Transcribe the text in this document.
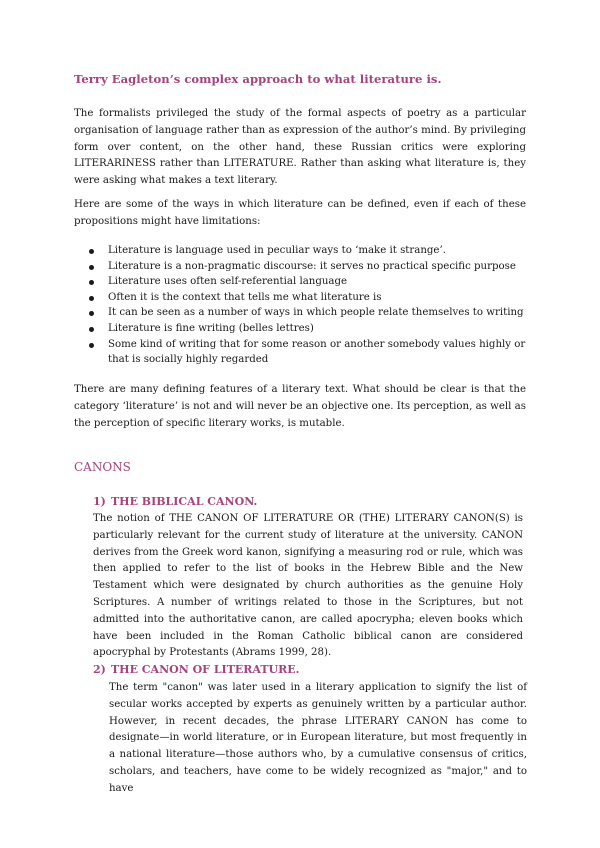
Terry Eagleton’s complex approach to what literature is.

The formalists privileged the study of the formal aspects of poetry as a particular organisation of language rather than as expression of the author’s mind. By privileging form over content, on the other hand, these Russian critics were exploring LITERARINESS rather than LITERATURE. Rather than asking what literature is, they were asking what makes a text literary.

Here are some of the ways in which literature can be defined, even if each of these propositions might have limitations:

Literature is language used in peculiar ways to ‘make it strange’.
Literature is a non-pragmatic discourse: it serves no practical specific purpose
Literature uses often self-referential language
Often it is the context that tells me what literature is
It can be seen as a number of ways in which people relate themselves to writing
Literature is fine writing (belles lettres)
Some kind of writing that for some reason or another somebody values highly or that is socially highly regarded

There are many defining features of a literary text. What should be clear is that the category ‘literature’ is not and will never be an objective one. Its perception, as well as the perception of specific literary works, is mutable.

CANONS
1) THE BIBLICAL CANON.

The notion of THE CANON OF LITERATURE OR (THE) LITERARY CANON(S) is particularly relevant for the current study of literature at the university. CANON derives from the Greek word kanon, signifying a measuring rod or rule, which was then applied to refer to the list of books in the Hebrew Bible and the New Testament which were designated by church authorities as the genuine Holy Scriptures. A number of writings related to those in the Scriptures, but not admitted into the authoritative canon, are called apocrypha; eleven books which have been included in the Roman Catholic biblical canon are considered apocryphal by Protestants (Abrams 1999, 28).

2) THE CANON OF LITERATURE.

The term "canon" was later used in a literary application to signify the list of secular works accepted by experts as genuinely written by a particular author. However, in recent decades, the phrase LITERARY CANON has come to designate—in world literature, or in European literature, but most frequently in a national literature—those authors who, by a cumulative consensus of critics, scholars, and teachers, have come to be widely recognized as "major," and to have
